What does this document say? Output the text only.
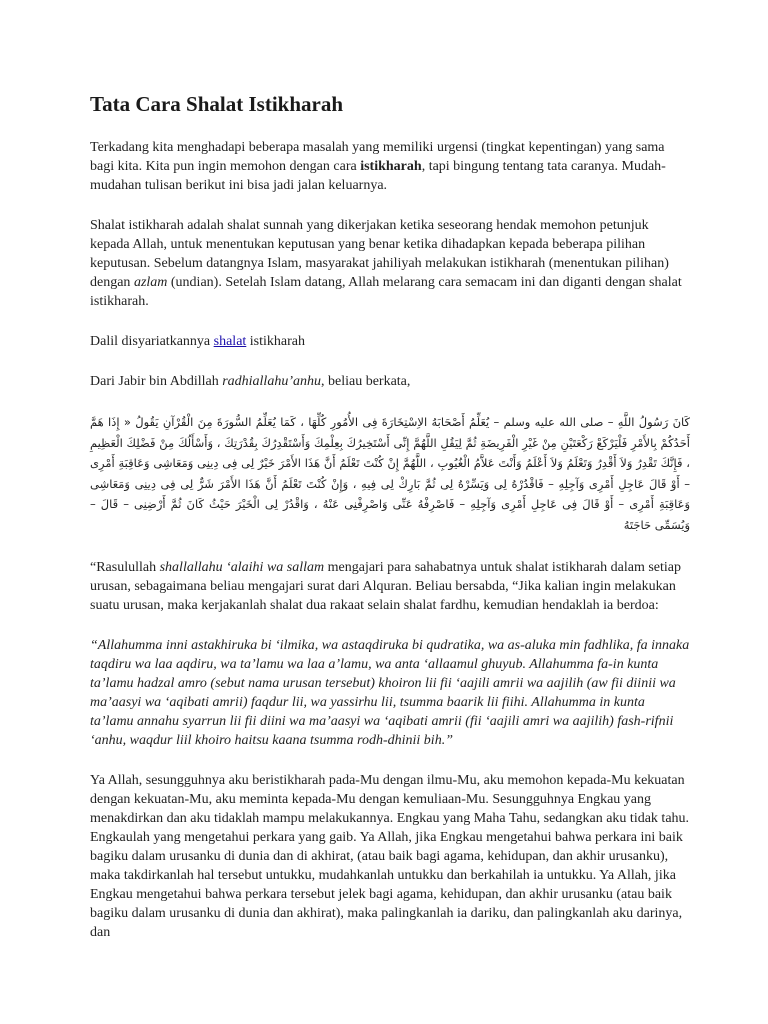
Tata Cara Shalat Istikharah

Terkadang kita menghadapi beberapa masalah yang memiliki urgensi (tingkat kepentingan) yang sama bagi kita. Kita pun ingin memohon dengan cara istikharah, tapi bingung tentang tata caranya. Mudah-mudahan tulisan berikut ini bisa jadi jalan keluarnya.

Shalat istikharah adalah shalat sunnah yang dikerjakan ketika seseorang hendak memohon petunjuk kepada Allah, untuk menentukan keputusan yang benar ketika dihadapkan kepada beberapa pilihan keputusan. Sebelum datangnya Islam, masyarakat jahiliyah melakukan istikharah (menentukan pilihan) dengan azlam (undian). Setelah Islam datang, Allah melarang cara semacam ini dan diganti dengan shalat istikharah.

Dalil disyariatkannya shalat istikharah

Dari Jabir bin Abdillah radhiallahu’anhu, beliau berkata,

كَانَ رَسُولُ اللَّهِ – صلى الله عليه وسلم – يُعَلِّمُ أَصْحَابَهُ الاِسْتِخَارَةَ فِى الأُمُورِ كُلِّهَا ، كَمَا يُعَلِّمُ السُّورَةَ مِنَ الْقُرْآنِ يَقُولُ « إِذَا هَمَّ أَحَدُكُمْ بِالأَمْرِ فَلْيَرْكَعْ رَكْعَتَيْنِ مِنْ غَيْرِ الْفَرِيضَةِ ثُمَّ لِيَقُلِ اللَّهُمَّ إِنِّى أَسْتَخِيرُكَ بِعِلْمِكَ وَأَسْتَقْدِرُكَ بِقُدْرَتِكَ ، وَأَسْأَلُكَ مِنْ فَضْلِكَ الْعَظِيمِ ، فَإِنَّكَ تَقْدِرُ وَلاَ أَقْدِرُ وَتَعْلَمُ وَلاَ أَعْلَمُ وَأَنْتَ عَلاَّمُ الْغُيُوبِ ، اللَّهُمَّ إِنْ كُنْتَ تَعْلَمُ أَنَّ هَذَا الأَمْرَ خَيْرٌ لِى فِى دِينِى وَمَعَاشِى وَعَاقِبَةِ أَمْرِى – أَوْ قَالَ عَاجِلِ أَمْرِى وَآجِلِهِ – فَاقْدُرْهُ لِى وَيَسِّرْهُ لِى ثُمَّ بَارِكْ لِى فِيهِ ، وَإِنْ كُنْتَ تَعْلَمُ أَنَّ هَذَا الأَمْرَ شَرٌّ لِى فِى دِينِى وَمَعَاشِى وَعَاقِبَةِ أَمْرِى – أَوْ قَالَ فِى عَاجِلِ أَمْرِى وَآجِلِهِ – فَاصْرِفْهُ عَنِّى وَاصْرِفْنِى عَنْهُ ، وَاقْدُرْ لِى الْخَيْرَ حَيْثُ كَانَ ثُمَّ أَرْضِنِى – قَالَ – وَيُسَمِّى حَاجَتَهُ

“Rasulullah shallallahu ‘alaihi wa sallam mengajari para sahabatnya untuk shalat istikharah dalam setiap urusan, sebagaimana beliau mengajari surat dari Alquran. Beliau bersabda, “Jika kalian ingin melakukan suatu urusan, maka kerjakanlah shalat dua rakaat selain shalat fardhu, kemudian hendaklah ia berdoa:

“Allahumma inni astakhiruka bi ‘ilmika, wa astaqdiruka bi qudratika, wa as-aluka min fadhlika, fa innaka taqdiru wa laa aqdiru, wa ta’lamu wa laa a’lamu, wa anta ‘allaamul ghuyub. Allahumma fa-in kunta ta’lamu hadzal amro (sebut nama urusan tersebut) khoiron lii fii ‘aajili amrii wa aajilih (aw fii diinii wa ma’aasyi wa ‘aqibati amrii) faqdur lii, wa yassirhu lii, tsumma baarik lii fiihi. Allahumma in kunta ta’lamu annahu syarrun lii fii diini wa ma’aasyi wa ‘aqibati amrii (fii ‘aajili amri wa aajilih) fash-rifnii ‘anhu, waqdur liil khoiro haitsu kaana tsumma rodh-dhinii bih.”

Ya Allah, sesungguhnya aku beristikharah pada-Mu dengan ilmu-Mu, aku memohon kepada-Mu kekuatan dengan kekuatan-Mu, aku meminta kepada-Mu dengan kemuliaan-Mu. Sesungguhnya Engkau yang menakdirkan dan aku tidaklah mampu melakukannya. Engkau yang Maha Tahu, sedangkan aku tidak tahu. Engkaulah yang mengetahui perkara yang gaib. Ya Allah, jika Engkau mengetahui bahwa perkara ini baik bagiku dalam urusanku di dunia dan di akhirat, (atau baik bagi agama, kehidupan, dan akhir urusanku), maka takdirkanlah hal tersebut untukku, mudahkanlah untukku dan berkahilah ia untukku. Ya Allah, jika Engkau mengetahui bahwa perkara tersebut jelek bagi agama, kehidupan, dan akhir urusanku (atau baik bagiku dalam urusanku di dunia dan akhirat), maka palingkanlah ia dariku, dan palingkanlah aku darinya, dan
